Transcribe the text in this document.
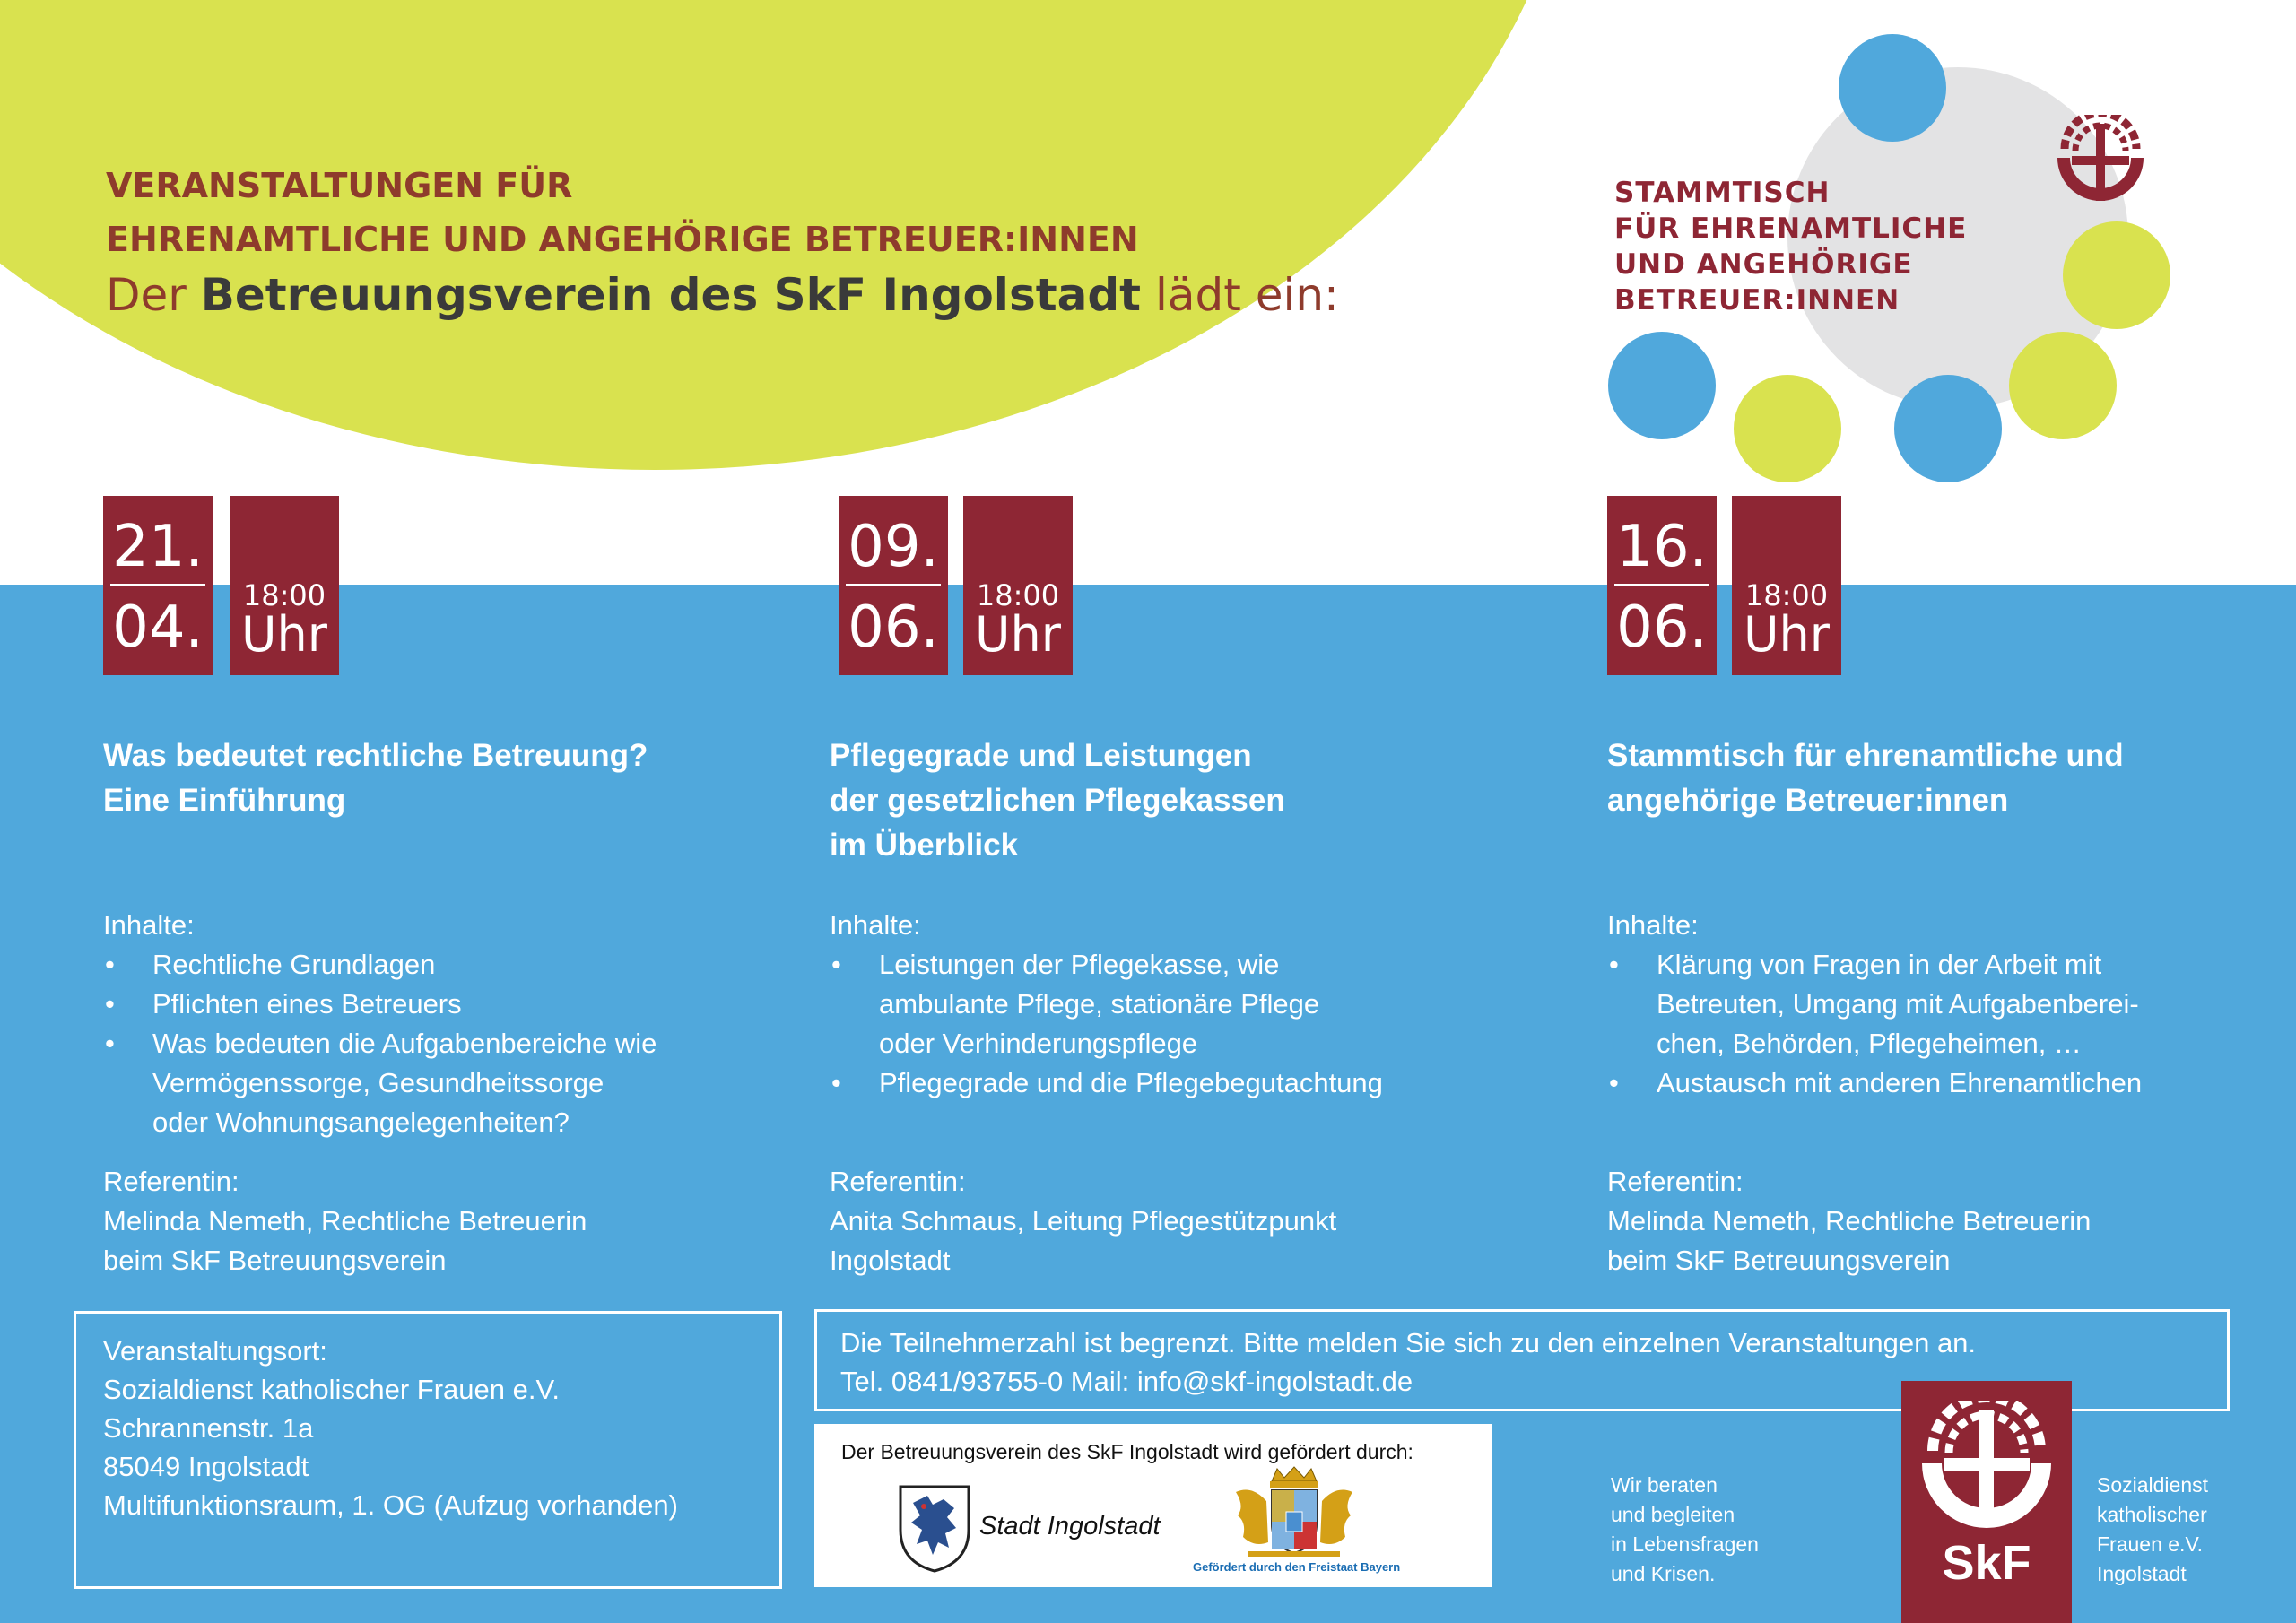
VERANSTALTUNGEN FÜR
EHRENAMTLICHE UND ANGEHÖRIGE BETREUER:INNEN
Der Betreuungsverein des SkF Ingolstadt lädt ein:
STAMMTISCH
FÜR EHRENAMTLICHE
UND ANGEHÖRIGE
BETREUER:INNEN
21.
04.	18:00
Uhr
Was bedeutet rechtliche Betreuung?
Eine Einführung
Inhalte:
• Rechtliche Grundlagen
• Pflichten eines Betreuers
• Was bedeuten die Aufgabenbereiche wie
Vermögenssorge, Gesundheitssorge
oder Wohnungsangelegenheiten?
Referentin:
Melinda Nemeth, Rechtliche Betreuerin
beim SkF Betreuungsverein
09.
06.	18:00
Uhr
Pflegegrade und Leistungen
der gesetzlichen Pflegekassen
im Überblick
Inhalte:
• Leistungen der Pflegekasse, wie
ambulante Pflege, stationäre Pflege
oder Verhinderungspflege
• Pflegegrade und die Pflegebegutachtung
Referentin:
Anita Schmaus, Leitung Pflegestützpunkt
Ingolstadt
16.
06.	18:00
Uhr
Stammtisch für ehrenamtliche und
angehörige Betreuer:innen
Inhalte:
• Klärung von Fragen in der Arbeit mit
Betreuten, Umgang mit Aufgabenberei-
chen, Behörden, Pflegeheimen, …
• Austausch mit anderen Ehrenamtlichen
Referentin:
Melinda Nemeth, Rechtliche Betreuerin
beim SkF Betreuungsverein
Veranstaltungsort:
Sozialdienst katholischer Frauen e.V.
Schrannenstr. 1a
85049 Ingolstadt
Multifunktionsraum, 1. OG (Aufzug vorhanden)
Die Teilnehmerzahl ist begrenzt. Bitte melden Sie sich zu den einzelnen Veranstaltungen an.
Tel. 0841/93755-0 Mail: info@skf-ingolstadt.de
Der Betreuungsverein des SkF Ingolstadt wird gefördert durch:
Stadt Ingolstadt
Gefördert durch den Freistaat Bayern
Wir beraten
und begleiten
in Lebensfragen
und Krisen.	SkF
Sozialdienst
katholischer
Frauen e.V.
Ingolstadt
